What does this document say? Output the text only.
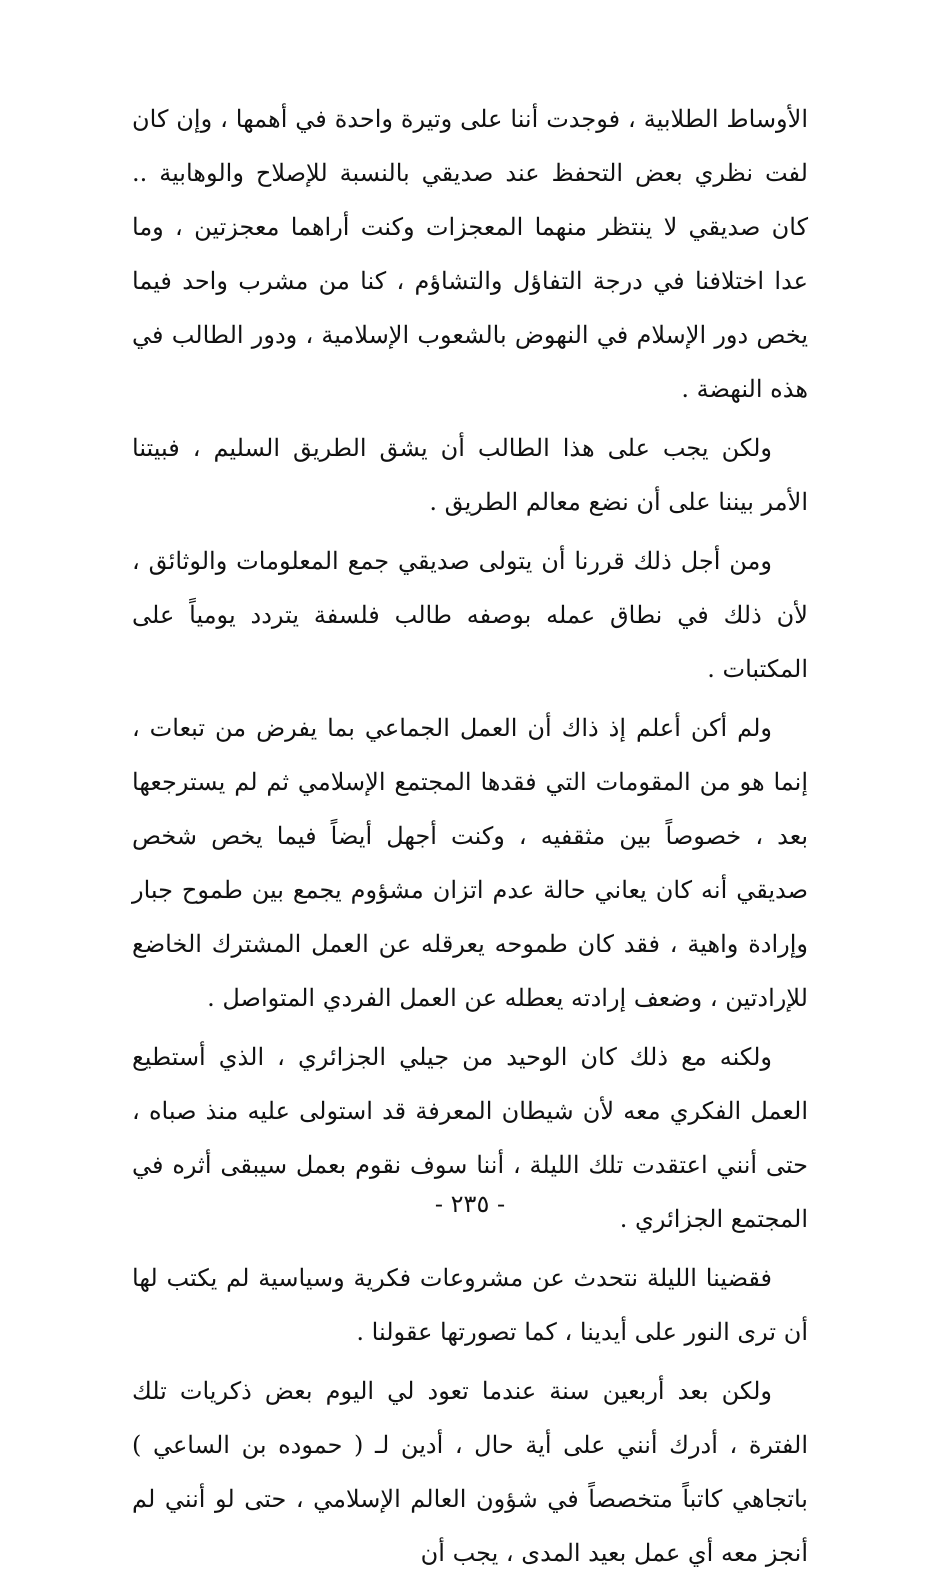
الأوساط الطلابية ، فوجدت أننا على وتيرة واحدة في أهمها ، وإن كان لفت نظري بعض التحفظ عند صديقي بالنسبة للإصلاح والوهابية .. كان صديقي لا ينتظر منهما المعجزات وكنت أراهما معجزتين ، وما عدا اختلافنا في درجة التفاؤل والتشاؤم ، كنا من مشرب واحد فيما يخص دور الإسلام في النهوض بالشعوب الإسلامية ، ودور الطالب في هذه النهضة .

ولكن يجب على هذا الطالب أن يشق الطريق السليم ، فبيتنا الأمر بيننا على أن نضع معالم الطريق .

ومن أجل ذلك قررنا أن يتولى صديقي جمع المعلومات والوثائق ، لأن ذلك في نطاق عمله بوصفه طالب فلسفة يتردد يومياً على المكتبات .

ولم أكن أعلم إذ ذاك أن العمل الجماعي بما يفرض من تبعات ، إنما هو من المقومات التي فقدها المجتمع الإسلامي ثم لم يسترجعها بعد ، خصوصاً بين مثقفيه ، وكنت أجهل أيضاً فيما يخص شخص صديقي أنه كان يعاني حالة عدم اتزان مشؤوم يجمع بين طموح جبار وإرادة واهية ، فقد كان طموحه يعرقله عن العمل المشترك الخاضع للإرادتين ، وضعف إرادته يعطله عن العمل الفردي المتواصل .

ولكنه مع ذلك كان الوحيد من جيلي الجزائري ، الذي أستطيع العمل الفكري معه لأن شيطان المعرفة قد استولى عليه منذ صباه ، حتى أنني اعتقدت تلك الليلة ، أننا سوف نقوم بعمل سيبقى أثره في المجتمع الجزائري .

فقضينا الليلة نتحدث عن مشروعات فكرية وسياسية لم يكتب لها أن ترى النور على أيدينا ، كما تصورتها عقولنا .

ولكن بعد أربعين سنة عندما تعود لي اليوم بعض ذكريات تلك الفترة ، أدرك أنني على أية حال ، أدين لـ ( حموده بن الساعي ) باتجاهي كاتباً متخصصاً في شؤون العالم الإسلامي ، حتى لو أنني لم أنجز معه أي عمل بعيد المدى ، يجب أن

- ٢٣٥ -
